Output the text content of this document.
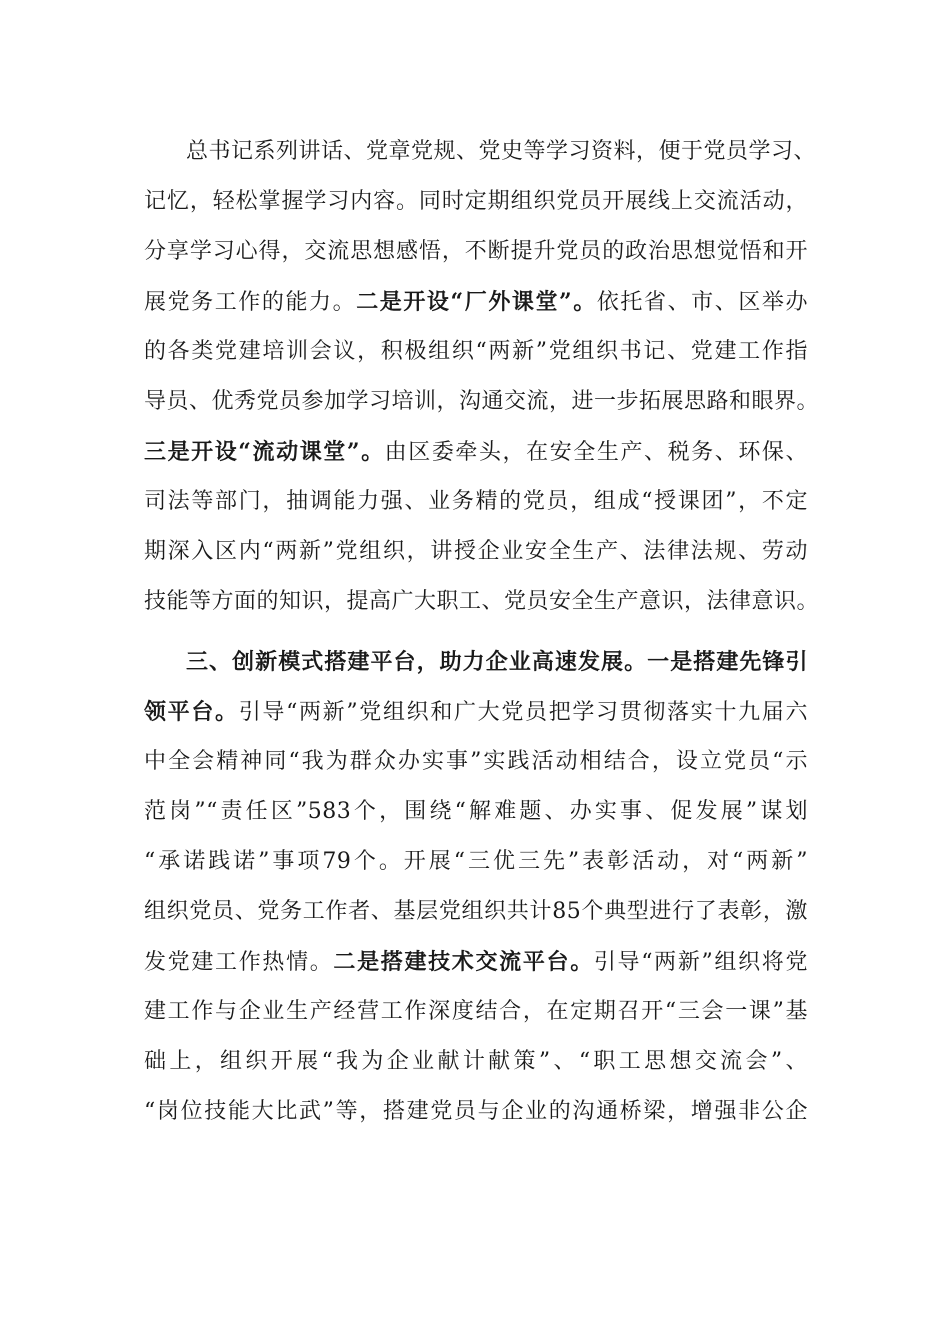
总书记系列讲话、党章党规、党史等学习资料，便于党员学习、
记忆，轻松掌握学习内容。同时定期组织党员开展线上交流活动，
分享学习心得，交流思想感悟，不断提升党员的政治思想觉悟和开
展党务工作的能力。二是开设“厂外课堂”。依托省、市、区举办
的各类党建培训会议，积极组织“两新”党组织书记、党建工作指
导员、优秀党员参加学习培训，沟通交流，进一步拓展思路和眼界。
三是开设“流动课堂”。由区委牵头，在安全生产、税务、环保、
司法等部门，抽调能力强、业务精的党员，组成“授课团”，不定
期深入区内“两新”党组织，讲授企业安全生产、法律法规、劳动
技能等方面的知识，提高广大职工、党员安全生产意识，法律意识。
三、创新模式搭建平台，助力企业高速发展。一是搭建先锋引
领平台。引导“两新”党组织和广大党员把学习贯彻落实十九届六
中全会精神同“我为群众办实事”实践活动相结合，设立党员“示
范岗”“责任区”583个，围绕“解难题、办实事、促发展”谋划
“承诺践诺”事项79个。开展“三优三先”表彰活动，对“两新”
组织党员、党务工作者、基层党组织共计85个典型进行了表彰，激
发党建工作热情。二是搭建技术交流平台。引导“两新”组织将党
建工作与企业生产经营工作深度结合，在定期召开“三会一课”基
础上，组织开展“我为企业献计献策”、“职工思想交流会”、
“岗位技能大比武”等，搭建党员与企业的沟通桥梁，增强非公企
